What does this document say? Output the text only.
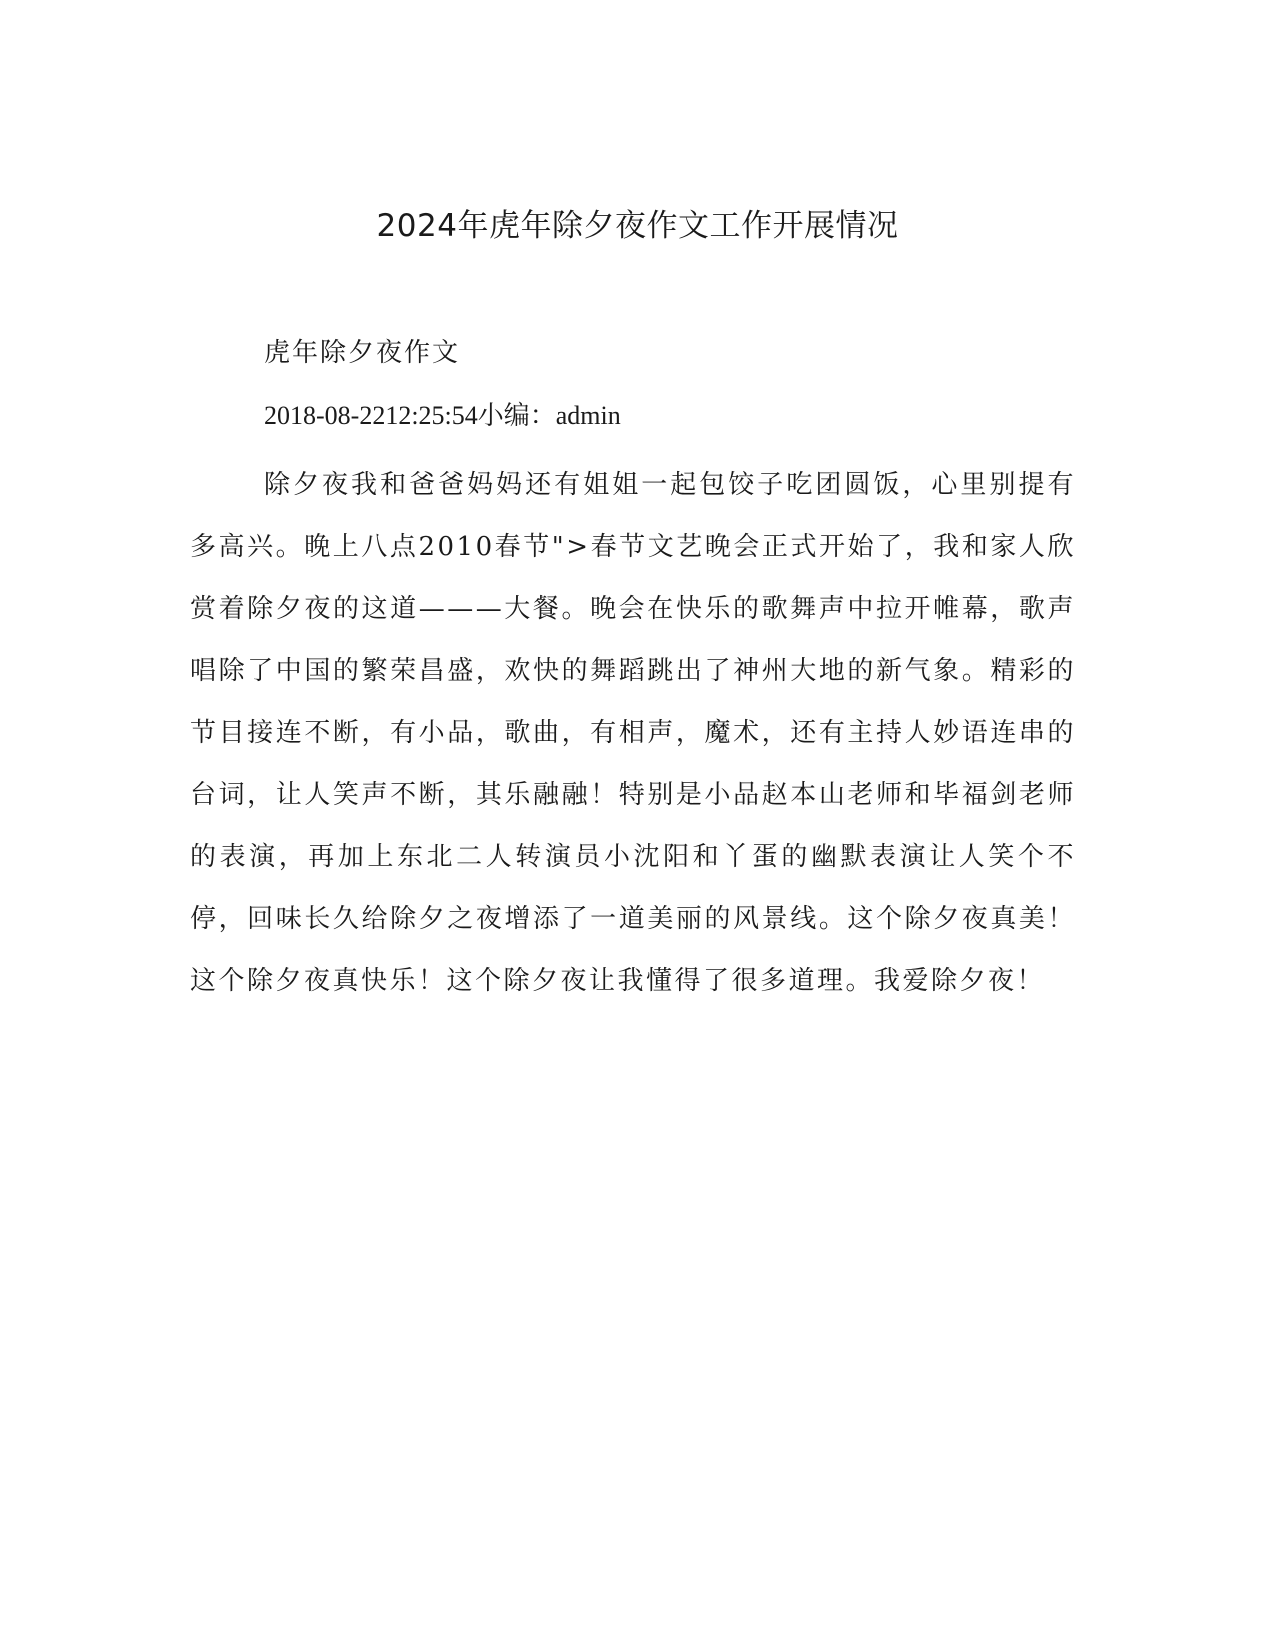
2024年虎年除夕夜作文工作开展情况

虎年除夕夜作文

2018-08-2212:25:54小编：admin

除夕夜我和爸爸妈妈还有姐姐一起包饺子吃团圆饭，心里别提有多高兴。晚上八点2010春节">春节文艺晚会正式开始了，我和家人欣赏着除夕夜的这道———大餐。晚会在快乐的歌舞声中拉开帷幕，歌声唱除了中国的繁荣昌盛，欢快的舞蹈跳出了神州大地的新气象。精彩的节目接连不断，有小品，歌曲，有相声，魔术，还有主持人妙语连串的台词，让人笑声不断，其乐融融！特别是小品赵本山老师和毕福剑老师的表演，再加上东北二人转演员小沈阳和丫蛋的幽默表演让人笑个不停，回味长久给除夕之夜增添了一道美丽的风景线。这个除夕夜真美！这个除夕夜真快乐！这个除夕夜让我懂得了很多道理。我爱除夕夜！
